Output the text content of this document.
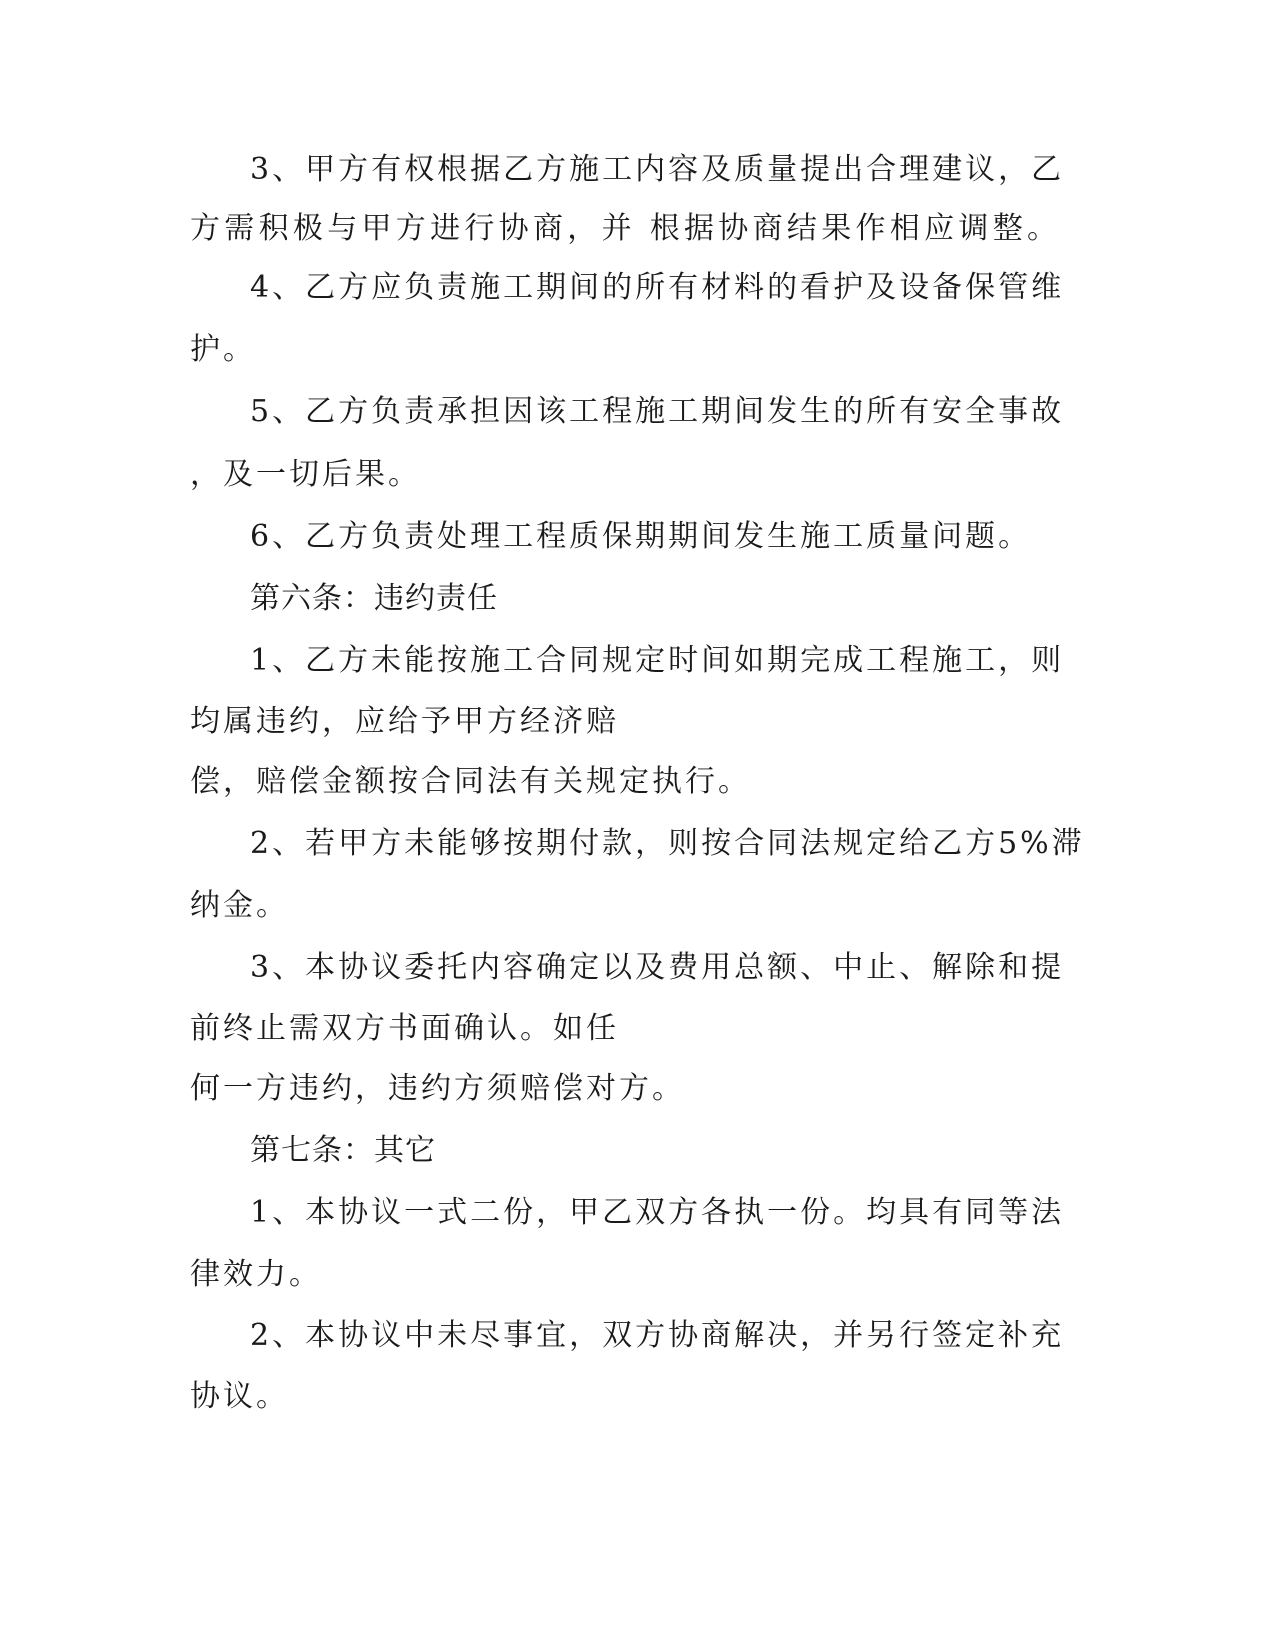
3、甲方有权根据乙方施工内容及质量提出合理建议，乙
方需积极与甲方进行协商，并 根据协商结果作相应调整。
4、乙方应负责施工期间的所有材料的看护及设备保管维
护。
5、乙方负责承担因该工程施工期间发生的所有安全事故
，及一切后果。
6、乙方负责处理工程质保期期间发生施工质量问题。
第六条：违约责任
1、乙方未能按施工合同规定时间如期完成工程施工，则
均属违约，应给予甲方经济赔
偿，赔偿金额按合同法有关规定执行。
2、若甲方未能够按期付款，则按合同法规定给乙方5%滞
纳金。
3、本协议委托内容确定以及费用总额、中止、解除和提
前终止需双方书面确认。如任
何一方违约，违约方须赔偿对方。
第七条：其它
1、本协议一式二份，甲乙双方各执一份。均具有同等法
律效力。
2、本协议中未尽事宜，双方协商解决，并另行签定补充
协议。
